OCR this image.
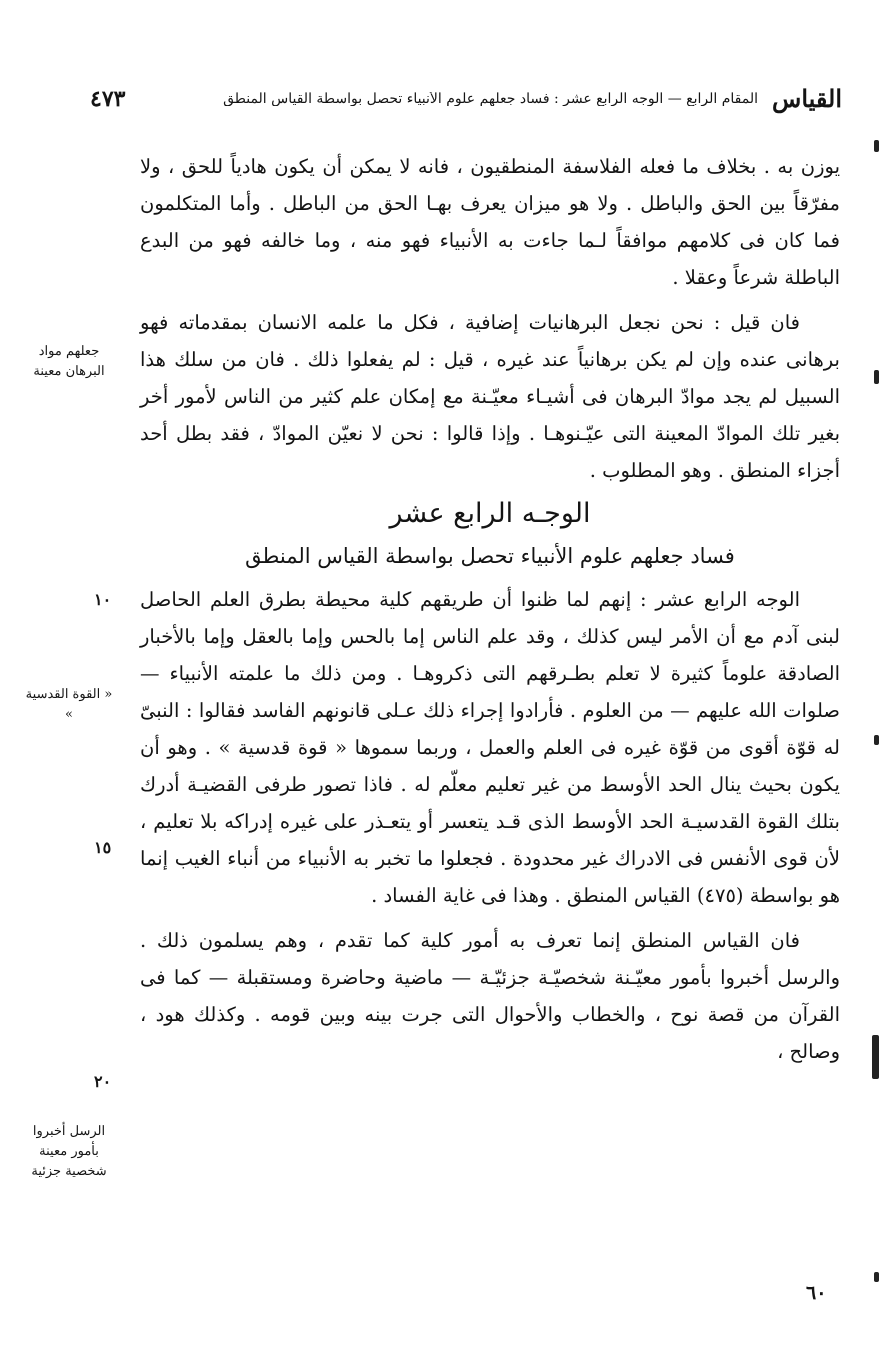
القياس
المقام الرابع — الوجه الرابع عشر : فساد جعلهم علوم الأنبياء تحصل بواسطة القياس المنطق
٤٧٣

يوزن به . بخلاف ما فعله الفلاسفة المنطقيون ، فانه لا يمكن أن يكون هادياً للحق ، ولا مفرّقاً بين الحق والباطل . ولا هو ميزان يعرف بهـا الحق من الباطل . وأما المتكلمون فما كان فى كلامهم موافقاً لـما جاءت به الأنبياء فهو منه ، وما خالفه فهو من البدع الباطلة شرعاً وعقلا .

فان قيل : نحن نجعل البرهانيات إضافية ، فكل ما علمه الانسان بمقدماته فهو برهانى عنده وإن لم يكن برهانياً عند غيره ، قيل : لم يفعلوا ذلك . فان من سلك هذا السبيل لم يجد موادّ البرهان فى أشيـاء معيّـنة مع إمكان علم كثير من الناس لأمور أخر بغير تلك الموادّ المعينة التى عيّـنوهـا . وإذا قالوا : نحن لا نعيّن الموادّ ، فقد بطل أحد أجزاء المنطق . وهو المطلوب .

الوجـه الرابع عشر

فساد جعلهم علوم الأنبياء تحصل بواسطة القياس المنطق

الوجه الرابع عشر : إنهم لما ظنوا أن طريقهم كلية محيطة بطرق العلم الحاصل لبنى آدم مع أن الأمر ليس كذلك ، وقد علم الناس إما بالحس وإما بالعقل وإما بالأخبار الصادقة علوماً كثيرة لا تعلم بطـرقهم التى ذكروهـا . ومن ذلك ما علمته الأنبياء — صلوات الله عليهم — من العلوم . فأرادوا إجراء ذلك عـلى قانونهم الفاسد فقالوا : النبىّ له قوّة أقوى من قوّة غيره فى العلم والعمل ، وربما سموها « قوة قدسية » . وهو أن يكون بحيث ينال الحد الأوسط من غير تعليم معلّم له . فاذا تصور طرفى القضيـة أدرك بتلك القوة القدسيـة الحد الأوسط الذى قـد يتعسر أو يتعـذر على غيره إدراكه بلا تعليم ، لأن قوى الأنفس فى الادراك غير محدودة . فجعلوا ما تخبر به الأنبياء من أنباء الغيب إنما هو بواسطة (٤٧٥) القياس المنطق . وهذا فى غاية الفساد .

فان القياس المنطق إنما تعرف به أمور كلية كما تقدم ، وهم يسلمون ذلك . والرسل أخبروا بأمور معيّـنة شخصيّـة جزئيّـة — ماضية وحاضرة ومستقبلة — كما فى القرآن من قصة نوح ، والخطاب والأحوال التى جرت بينه وبين قومه . وكذلك هود ، وصالح ،

جعلهم مواد البرهان معينة
« القوة القدسية »
الرسل أخبروا بأمور معينة شخصية جزئية
١٠
١٥
٢٠
٦٠
